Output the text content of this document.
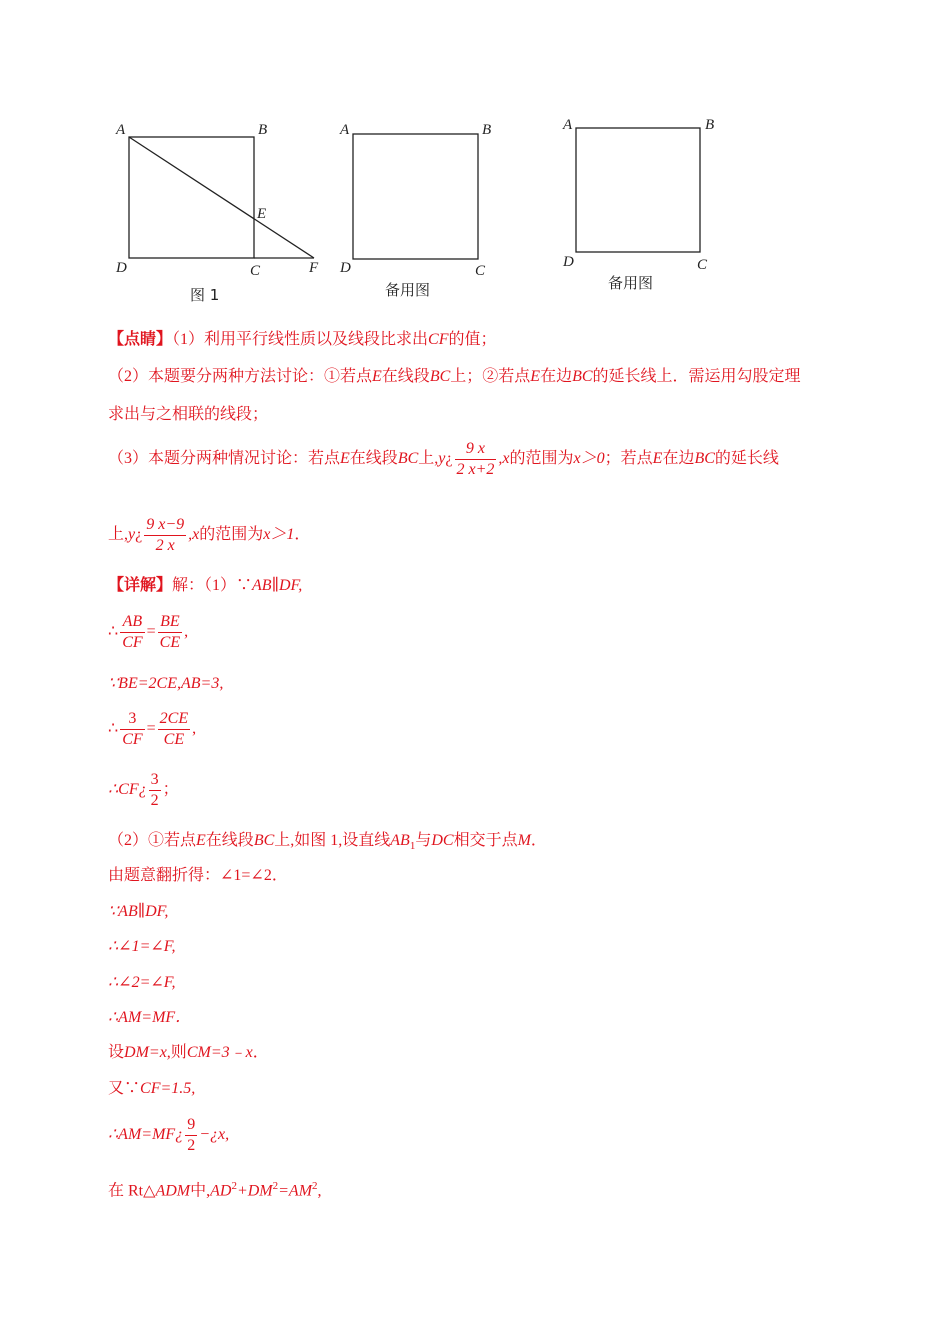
A	B
E
D	C	F
图 1
A	B
D	C
备用图
A	B
D	C
备用图
【点睛】（1）利用平行线性质以及线段比求出CF的值；
（2）本题要分两种方法讨论：①若点E在线段BC上；②若点E在边BC的延长线上．需运用勾股定理
求出与之相联的线段；
（3）本题分两种情况讨论：若点E在线段BC上,y¿ $\frac{9 x}{2 x+2} ,x$的范围为x＞0；若点E在边BC的延长线
上,y¿ $\frac{9 x-9}{2 x} ,x$的范围为x＞1．
【详解】解：（1）∵AB∥DF,
∴ $\frac{AB}{CF} = \frac{BE}{CE}$ ,
∵BE=2CE,AB=3,
∴ $\frac{3}{CF} = \frac{2CE}{CE}$ ,
∴CF¿ $\frac{3}{2}$ ；
（2）①若点E在线段BC上,如图 1,设直线$AB_1$与DC相交于点M．
由题意翻折得：∠1=∠2．
∵AB∥DF,
∴∠1=∠F,
∴∠2=∠F,
∴AM=MF．
设DM=x,则CM=3﹣x．
又∵CF=1.5,
∴AM=MF¿ $\frac{9}{2}$ −¿x,
在 Rt△ADM中$,AD^2+DM^2=AM^2$,
